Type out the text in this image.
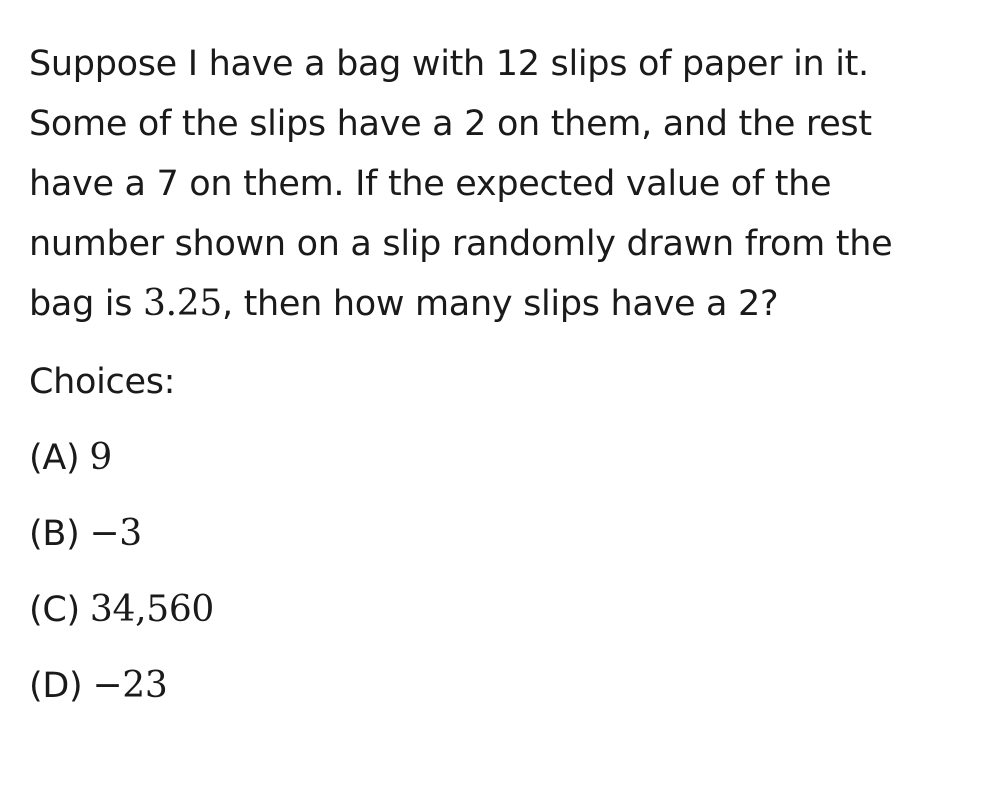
Suppose I have a bag with 12 slips of paper in it.
Some of the slips have a 2 on them, and the rest
have a 7 on them. If the expected value of the
number shown on a slip randomly drawn from the
bag is 3.25, then how many slips have a 2?

Choices:

(A) 9

(B) −3

(C) 34,560

(D) −23
